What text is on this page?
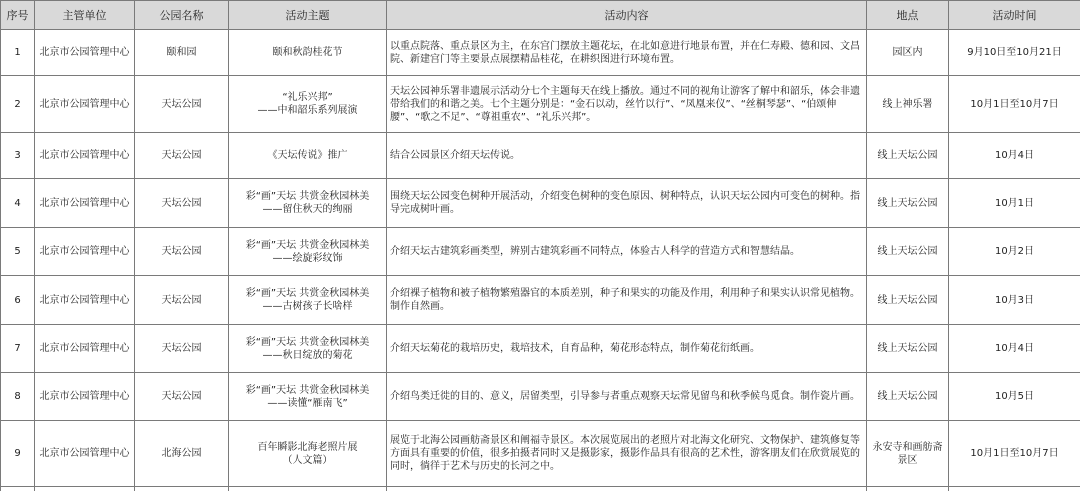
序号	主管单位	公园名称	活动主题	活动内容	地点	活动时间
1	北京市公园管理中心	颐和园	颐和秋韵桂花节	以重点院落、重点景区为主，在东宫门摆放主题花坛，在北如意进行地景布置，并在仁寿殿、德和园、文昌院、新建宫门等主要景点展摆精品桂花，在耕织图进行环境布置。	园区内	9月10日至10月21日
2	北京市公园管理中心	天坛公园	“礼乐兴邦”
——中和韶乐系列展演	天坛公园神乐署非遗展示活动分七个主题每天在线上播放。通过不同的视角让游客了解中和韶乐，体会非遗带给我们的和谐之美。七个主题分别是：“金石以动，丝竹以行”、“凤凰来仪”、“丝桐琴瑟”、“伯颂伸腰”、“歌之不足”、“尊祖重农”、“礼乐兴邦”。	线上神乐署	10月1日至10月7日
3	北京市公园管理中心	天坛公园	《天坛传说》推广	结合公园景区介绍天坛传说。	线上天坛公园	10月4日
4	北京市公园管理中心	天坛公园	彩“画”天坛 共赏金秋园林美
——留住秋天的绚丽	围绕天坛公园变色树种开展活动，介绍变色树种的变色原因、树种特点，认识天坛公园内可变色的树种。指导完成树叶画。	线上天坛公园	10月1日
5	北京市公园管理中心	天坛公园	彩“画”天坛 共赏金秋园林美
——绘旋彩纹饰	介绍天坛古建筑彩画类型，辨别古建筑彩画不同特点，体验古人科学的营造方式和智慧结晶。	线上天坛公园	10月2日
6	北京市公园管理中心	天坛公园	彩“画”天坛 共赏金秋园林美
——古树孩子长啥样	介绍裸子植物和被子植物繁殖器官的本质差别，种子和果实的功能及作用，利用种子和果实认识常见植物。制作自然画。	线上天坛公园	10月3日
7	北京市公园管理中心	天坛公园	彩“画”天坛 共赏金秋园林美
——秋日绽放的菊花	介绍天坛菊花的栽培历史，栽培技术，自育品种，菊花形态特点，制作菊花衍纸画。	线上天坛公园	10月4日
8	北京市公园管理中心	天坛公园	彩“画”天坛 共赏金秋园林美
——读懂“雁南飞”	介绍鸟类迁徙的目的、意义，居留类型，引导参与者重点观察天坛常见留鸟和秋季候鸟觅食。制作瓷片画。	线上天坛公园	10月5日
9	北京市公园管理中心	北海公园	百年瞬影北海老照片展
（人文篇）	展览于北海公园画舫斋景区和阐福寺景区。本次展览展出的老照片对北海文化研究、文物保护、建筑修复等方面具有重要的价值，很多拍摄者同时又是摄影家，摄影作品具有很高的艺术性，游客朋友们在欣赏展览的同时，徜徉于艺术与历史的长河之中。	永安寺和画舫斋景区	10月1日至10月7日
